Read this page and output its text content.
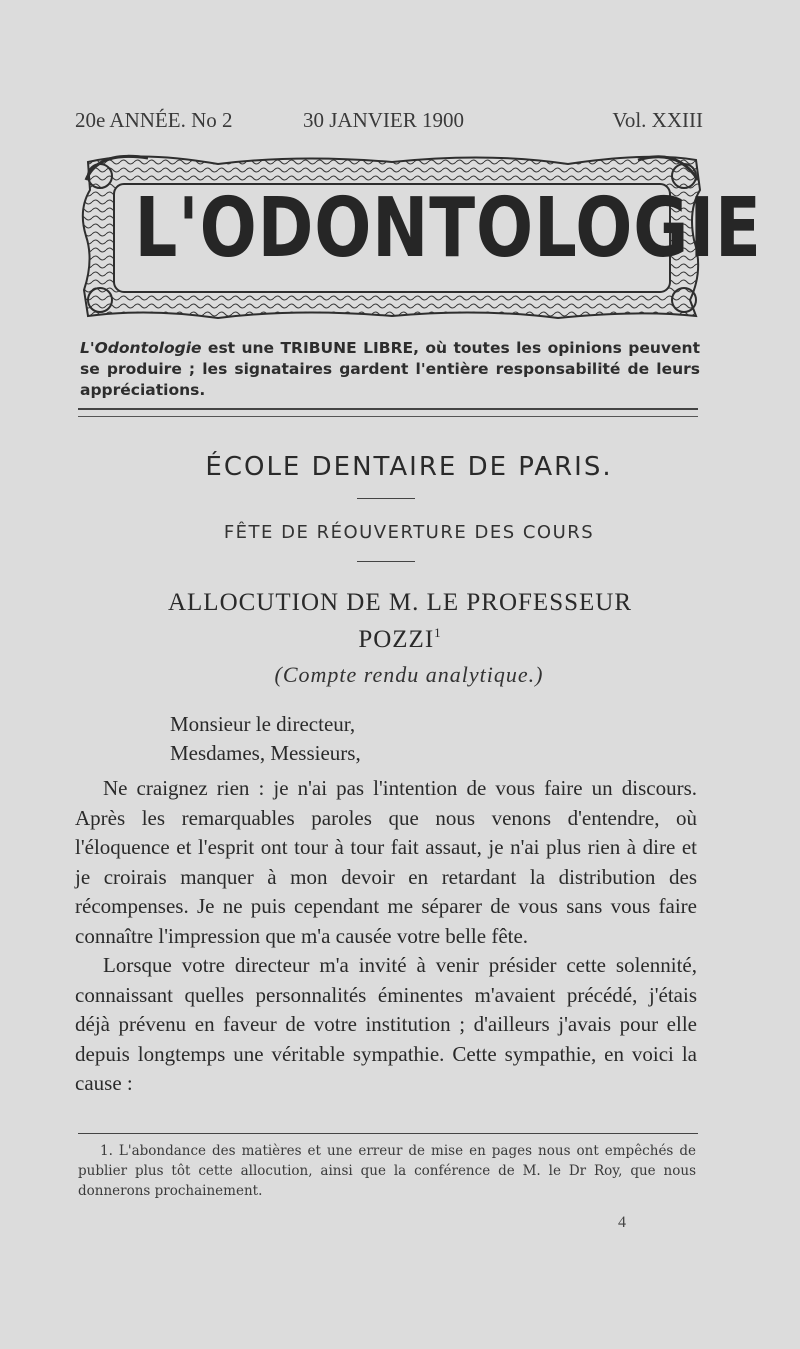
20e ANNÉE. No 2	30 JANVIER 1900	Vol. XXIII
L'ODONTOLOGIE
L'Odontologie est une TRIBUNE LIBRE, où toutes les opinions peuvent se produire ; les signataires gardent l'entière responsabilité de leurs appréciations.
ÉCOLE DENTAIRE DE PARIS.
FÊTE DE RÉOUVERTURE DES COURS
ALLOCUTION DE M. LE PROFESSEUR
POZZI$^1$
(Compte rendu analytique.)
Monsieur le directeur,
Mesdames, Messieurs,

Ne craignez rien : je n'ai pas l'intention de vous faire un discours. Après les remarquables paroles que nous venons d'entendre, où l'éloquence et l'esprit ont tour à tour fait assaut, je n'ai plus rien à dire et je croirais manquer à mon devoir en retardant la distribution des récompenses. Je ne puis cependant me séparer de vous sans vous faire connaître l'impression que m'a causée votre belle fête.

Lorsque votre directeur m'a invité à venir présider cette solennité, connaissant quelles personnalités éminentes m'avaient précédé, j'étais déjà prévenu en faveur de votre institution ; d'ailleurs j'avais pour elle depuis longtemps une véritable sympathie. Cette sympathie, en voici la cause :

1. L'abondance des matières et une erreur de mise en pages nous ont empêchés de publier plus tôt cette allocution, ainsi que la conférence de M. le Dr Roy, que nous donnerons prochainement.

4
